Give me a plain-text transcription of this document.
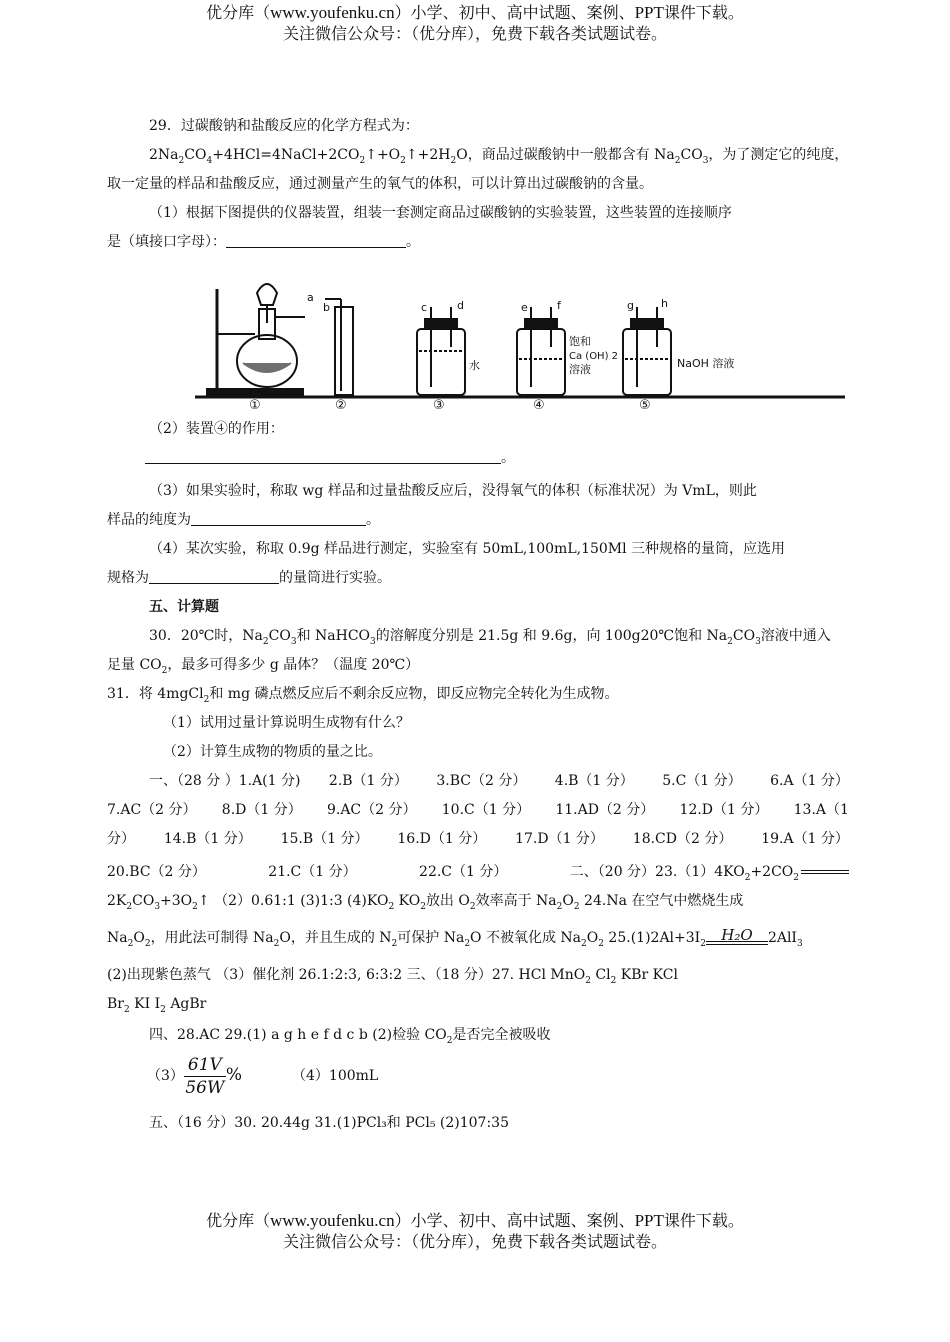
优分库（www.youfenku.cn）小学、初中、高中试题、案例、PPT课件下载。
关注微信公众号：（优分库），免费下载各类试题试卷。

29．过碳酸钠和盐酸反应的化学方程式为：

$2Na_2CO_4+4HCl=4NaCl+2CO_2↑+O_2↑+2H_2O$，商品过碳酸钠中一般都含有 $Na_2CO_3$，为了测定它的纯度，

取一定量的样品和盐酸反应，通过测量产生的氧气的体积，可以计算出过碳酸钠的含量。

（1）根据下图提供的仪器装置，组装一套测定商品过碳酸钠的实验装置，这些装置的连接顺序

是（填接口字母）：	。

a
b	c	d	e	f	g h
水
饱和
Ca (OH) 2
溶液	NaOH 溶液
①	②	③	④	⑤

（2）装置④的作用：

。

（3）如果实验时，称取 wg 样品和过量盐酸反应后，没得氧气的体积（标准状况）为 VmL，则此

样品的纯度为	。

（4）某次实验，称取 0.9g 样品进行测定，实验室有 50mL,100mL,150Ml 三种规格的量筒，应选用

规格为	的量筒进行实验。

五、计算题

30．20℃时，$Na_2CO_3$和 NaHCO$_3$的溶解度分别是 21.5g 和 9.6g，向 100g20℃饱和 $Na_2CO_3$溶液中通入

足量 $CO_2$，最多可得多少 g 晶体？（温度 20℃）

31．将 4mgCl$_2$和 mg 磷点燃反应后不剩余反应物，即反应物完全转化为生成物。

（1）试用过量计算说明生成物有什么？

（2）计算生成物的物质的量之比。

一、（28 分 ）1.A(1 分) 2.B（1 分） 3.BC（2 分） 4.B（1 分） 5.C（1 分） 6.A（1 分）
7.AC（2 分） 8.D（1 分） 9.AC（2 分） 10.C（1 分） 11.AD（2 分） 12.D（1 分） 13.A（1
分） 14.B（1 分） 15.B（1 分） 16.D（1 分） 17.D（1 分） 18.CD（2 分） 19.A（1 分）
20.BC（2 分）	21.C（1 分）	22.C（1 分）	二、（20 分）$23.(1)4KO_2+2CO_2$

$2K_2CO_3+3O_2↑$ （2）0.61:1 (3)1:3 $(4)KO_2$ $KO_2$放出 $O_2$效率高于 $Na_2O_2$ 24.Na 在空气中燃烧生成

$Na_2O_2$，用此法可制得 $Na_2O$，并且生成的 $N_2$可保护 $Na_2O$ 不被氧化成 $Na_2O_2$ $25.(1)2Al+3I_2$	H₂O	2AlI$_3$

(2)出现紫色蒸气 （3）催化剂 26.1:2:3, 6:3:2 三、（18 分）27. HCl MnO$_2$ $Cl_2$ KBr KCl

$Br_2$ KI $I_2$ AgBr

四、28.AC 29.(1) a g h e f d c b (2)检验 $CO_2$是否完全被吸收

$(3) \frac{61V}{56W}$ %	（4）100mL

五、（16 分）30. 20.44g 31.(1)PCl₃和 PCl₅ (2)107:35

优分库（www.youfenku.cn）小学、初中、高中试题、案例、PPT课件下载。
关注微信公众号：（优分库），免费下载各类试题试卷。
